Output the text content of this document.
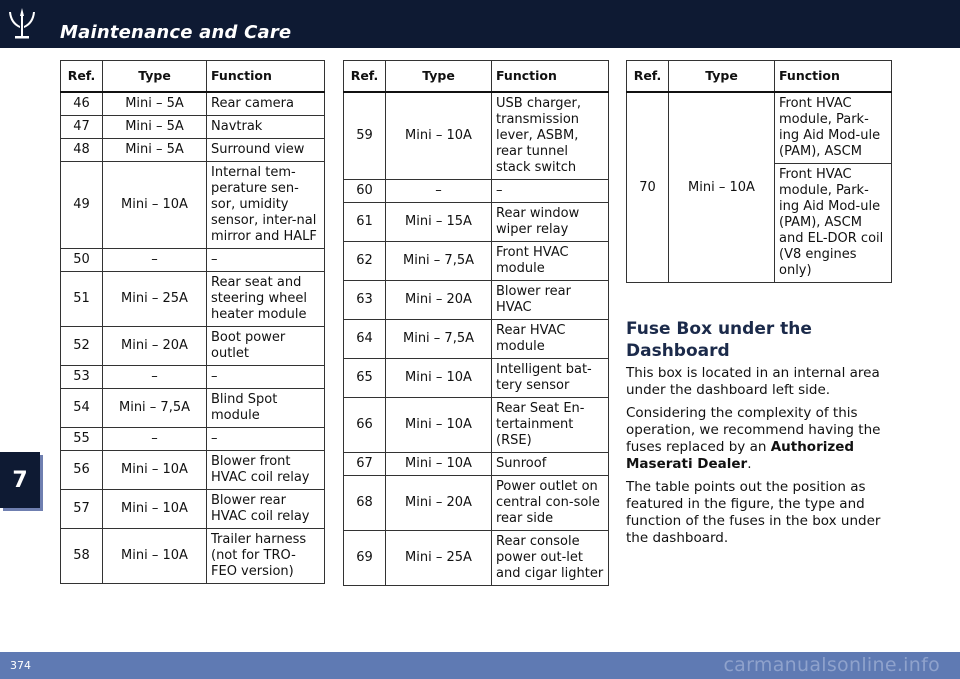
Maintenance and Care
7
Ref.	Type	Function
46	Mini – 5A	Rear camera
47	Mini – 5A	Navtrak
48	Mini – 5A	Surround view
49	Mini – 10A	Internal tem-perature sen-sor, umidity sensor, inter-nal mirror and HALF
50	–	–
51	Mini – 25A	Rear seat and steering wheel heater module
52	Mini – 20A	Boot power outlet
53	–	–
54	Mini – 7,5A	Blind Spot module
55	–	–
56	Mini – 10A	Blower front HVAC coil relay
57	Mini – 10A	Blower rear HVAC coil relay
58	Mini – 10A	Trailer harness (not for TRO-FEO version)
Ref.	Type	Function
59	Mini – 10A	USB charger, transmission lever, ASBM, rear tunnel stack switch
60	–	–
61	Mini – 15A	Rear window wiper relay
62	Mini – 7,5A	Front HVAC module
63	Mini – 20A	Blower rear HVAC
64	Mini – 7,5A	Rear HVAC module
65	Mini – 10A	Intelligent bat-tery sensor
66	Mini – 10A	Rear Seat En-tertainment (RSE)
67	Mini – 10A	Sunroof
68	Mini – 20A	Power outlet on central con-sole rear side
69	Mini – 25A	Rear console power out-let and cigar lighter
Ref.	Type	Function
70	Mini – 10A	Front HVAC module, Park-ing Aid Mod-ule (PAM), ASCM
		Front HVAC module, Park-ing Aid Mod-ule (PAM), ASCM and EL-DOR coil (V8 engines only)
Fuse Box under the Dashboard

This box is located in an internal area under the dashboard left side.

Considering the complexity of this operation, we recommend having the fuses replaced by an Authorized Maserati Dealer.

The table points out the position as featured in the figure, the type and function of the fuses in the box under the dashboard.

374	carmanualsonline.info
